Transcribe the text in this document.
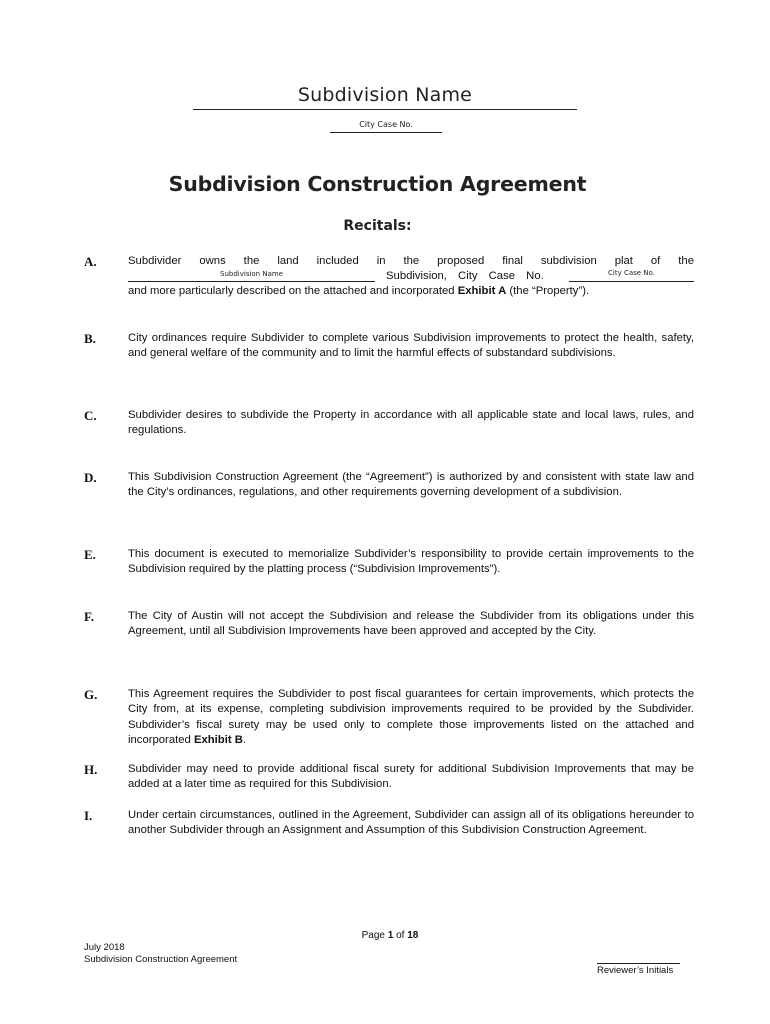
Subdivision Name
City Case No.
Subdivision Construction Agreement
Recitals:
A.	Subdivider owns the land included in the proposed final subdivision plat of the
Subdivision Name	Subdivision, City Case No.	City Case No.
and more particularly described on the attached and incorporated Exhibit A (the “Property”).
B.	City ordinances require Subdivider to complete various Subdivision improvements to protect the health, safety, and general welfare of the community and to limit the harmful effects of substandard subdivisions.
C.	Subdivider desires to subdivide the Property in accordance with all applicable state and local laws, rules, and regulations.
D.	This Subdivision Construction Agreement (the “Agreement”) is authorized by and consistent with state law and the City’s ordinances, regulations, and other requirements governing development of a subdivision.
E.	This document is executed to memorialize Subdivider’s responsibility to provide certain improvements to the Subdivision required by the platting process (“Subdivision Improvements”).
F.	The City of Austin will not accept the Subdivision and release the Subdivider from its obligations under this Agreement, until all Subdivision Improvements have been approved and accepted by the City.
G.	This Agreement requires the Subdivider to post fiscal guarantees for certain improvements, which protects the City from, at its expense, completing subdivision improvements required to be provided by the Subdivider. Subdivider’s fiscal surety may be used only to complete those improvements listed on the attached and incorporated Exhibit B.
H.	Subdivider may need to provide additional fiscal surety for additional Subdivision Improvements that may be added at a later time as required for this Subdivision.
I.	Under certain circumstances, outlined in the Agreement, Subdivider can assign all of its obligations hereunder to another Subdivider through an Assignment and Assumption of this Subdivision Construction Agreement.
Page 1 of 18
July 2018
Subdivision Construction Agreement
Reviewer’s Initials
